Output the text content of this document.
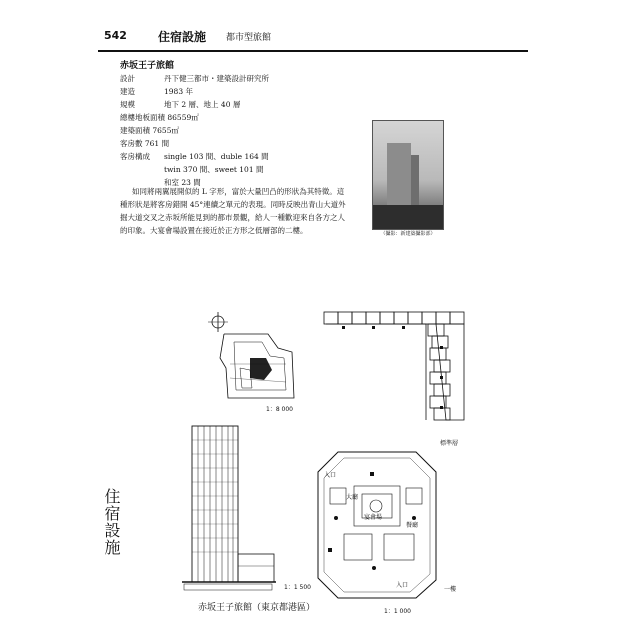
542	住宿設施 都市型旅館
赤坂王子旅館
設計	丹下健三都市・建築設計研究所
建造	1983 年
規模	地下 2 層、地上 40 層
總樓地板面積 86559㎡
建築面積 7655㎡
客房數 761 間
客房構成 single 103 間、duble 164 間
twin 370 間、sweet 101 間
和室 23 間
如同將兩翼展開似的 L 字形，富於大量凹凸的形狀為其特徵。這種形狀是將客房錯開 45°連續之單元的表現。同時反映出青山大道外掘大道交叉之赤坂所能見到的都市景觀，給人一種歡迎來自各方之人的印象。大宴會場設置在接近於正方形之低層部的二樓。	（攝影：新建築攝影部）
1：8 000
標準層
1：1 500
入口
大廳
宴會場
餐廳
入口
1：1 000
一樓
住宿設施
赤坂王子旅館（東京都港區）
